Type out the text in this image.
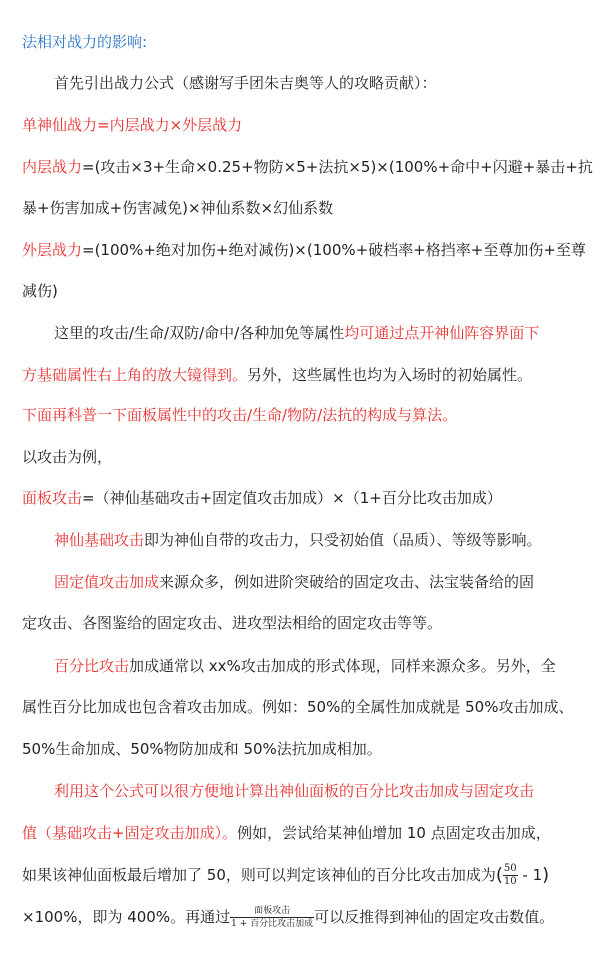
法相对战力的影响:
首先引出战力公式（感谢写手团朱吉奥等人的攻略贡献）：
单神仙战力=内层战力×外层战力
内层战力=(攻击×3+生命×0.25+物防×5+法抗×5)×(100%+命中+闪避+暴击+抗
暴+伤害加成+伤害减免)×神仙系数×幻仙系数
外层战力=(100%+绝对加伤+绝对减伤)×(100%+破档率+格挡率+至尊加伤+至尊
减伤)
这里的攻击/生命/双防/命中/各种加免等属性均可通过点开神仙阵容界面下
方基础属性右上角的放大镜得到。另外，这些属性也均为入场时的初始属性。
下面再科普一下面板属性中的攻击/生命/物防/法抗的构成与算法。
以攻击为例，
面板攻击=（神仙基础攻击+固定值攻击加成）×（1+百分比攻击加成）
神仙基础攻击即为神仙自带的攻击力，只受初始值（品质）、等级等影响。
固定值攻击加成来源众多，例如进阶突破给的固定攻击、法宝装备给的固
定攻击、各图鉴给的固定攻击、进攻型法相给的固定攻击等等。
百分比攻击加成通常以 xx%攻击加成的形式体现，同样来源众多。另外，全
属性百分比加成也包含着攻击加成。例如：50%的全属性加成就是 50%攻击加成、
50%生命加成、50%物防加成和 50%法抗加成相加。
利用这个公式可以很方便地计算出神仙面板的百分比攻击加成与固定攻击
值（基础攻击+固定攻击加成）。例如，尝试给某神仙增加 10 点固定攻击加成，
如果该神仙面板最后增加了 50，则可以判定该神仙的百分比攻击加成为( $\frac{50}{10} - 1$)
×100%，即为 400%。再通过 $\frac{\text{面板攻击}}{\text{1 + 百分比攻击加成}}$ 可以反推得到神仙的固定攻击数值。
